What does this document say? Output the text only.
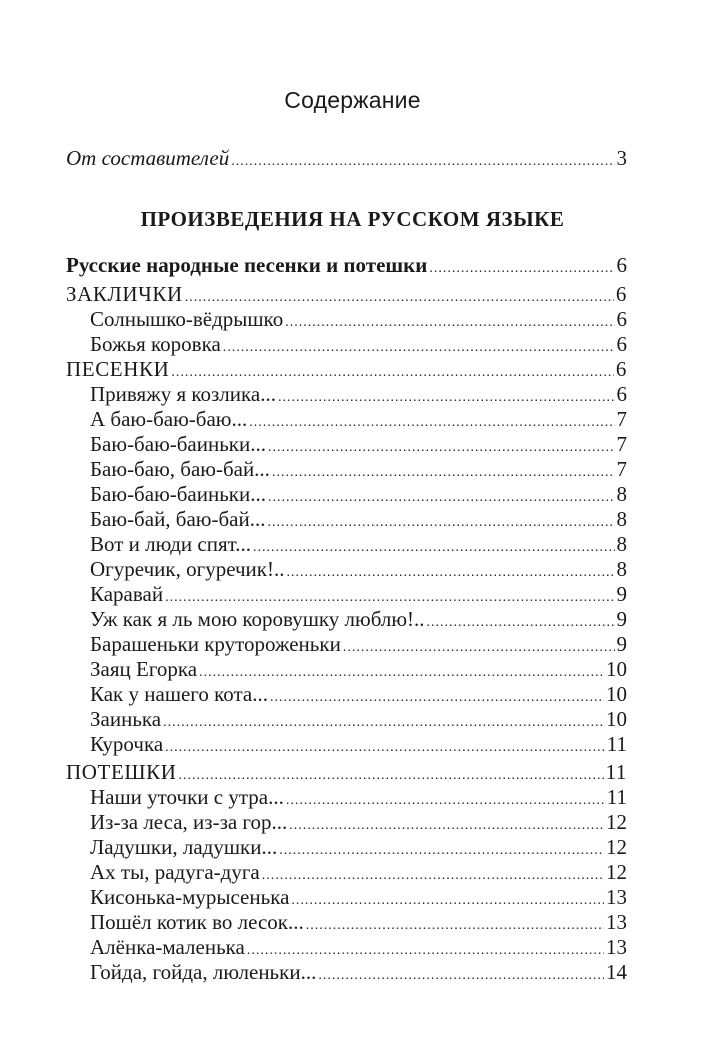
Содержание
От составителей .....	3
ПРОИЗВЕДЕНИЯ НА РУССКОМ ЯЗЫКЕ
Русские народные песенки и потешки .....	6
ЗАКЛИЧКИ .....	6
Солнышко-вёдрышко .....	6
Божья коровка .....	6
ПЕСЕНКИ .....	6
Привяжу я козлика... .....	6
А баю-баю-баю... .....	7
Баю-баю-баиньки... .....	7
Баю-баю, баю-бай... .....	7
Баю-баю-баиньки... .....	8
Баю-бай, баю-бай... .....	8
Вот и люди спят... .....	8
Огуречик, огуречик!.. .....	8
Каравай .....	9
Уж как я ль мою коровушку люблю!.. .....	9
Барашеньки крутороженьки .....	9
Заяц Егорка .....	10
Как у нашего кота... .....	10
Заинька .....	10
Курочка .....	11
ПОТЕШКИ .....	11
Наши уточки с утра... .....	11
Из-за леса, из-за гор... .....	12
Ладушки, ладушки... .....	12
Ах ты, радуга-дуга .....	12
Кисонька-мурысенька .....	13
Пошёл котик во лесок... .....	13
Алёнка-маленька .....	13
Гойда, гойда, люленьки... .....	14
